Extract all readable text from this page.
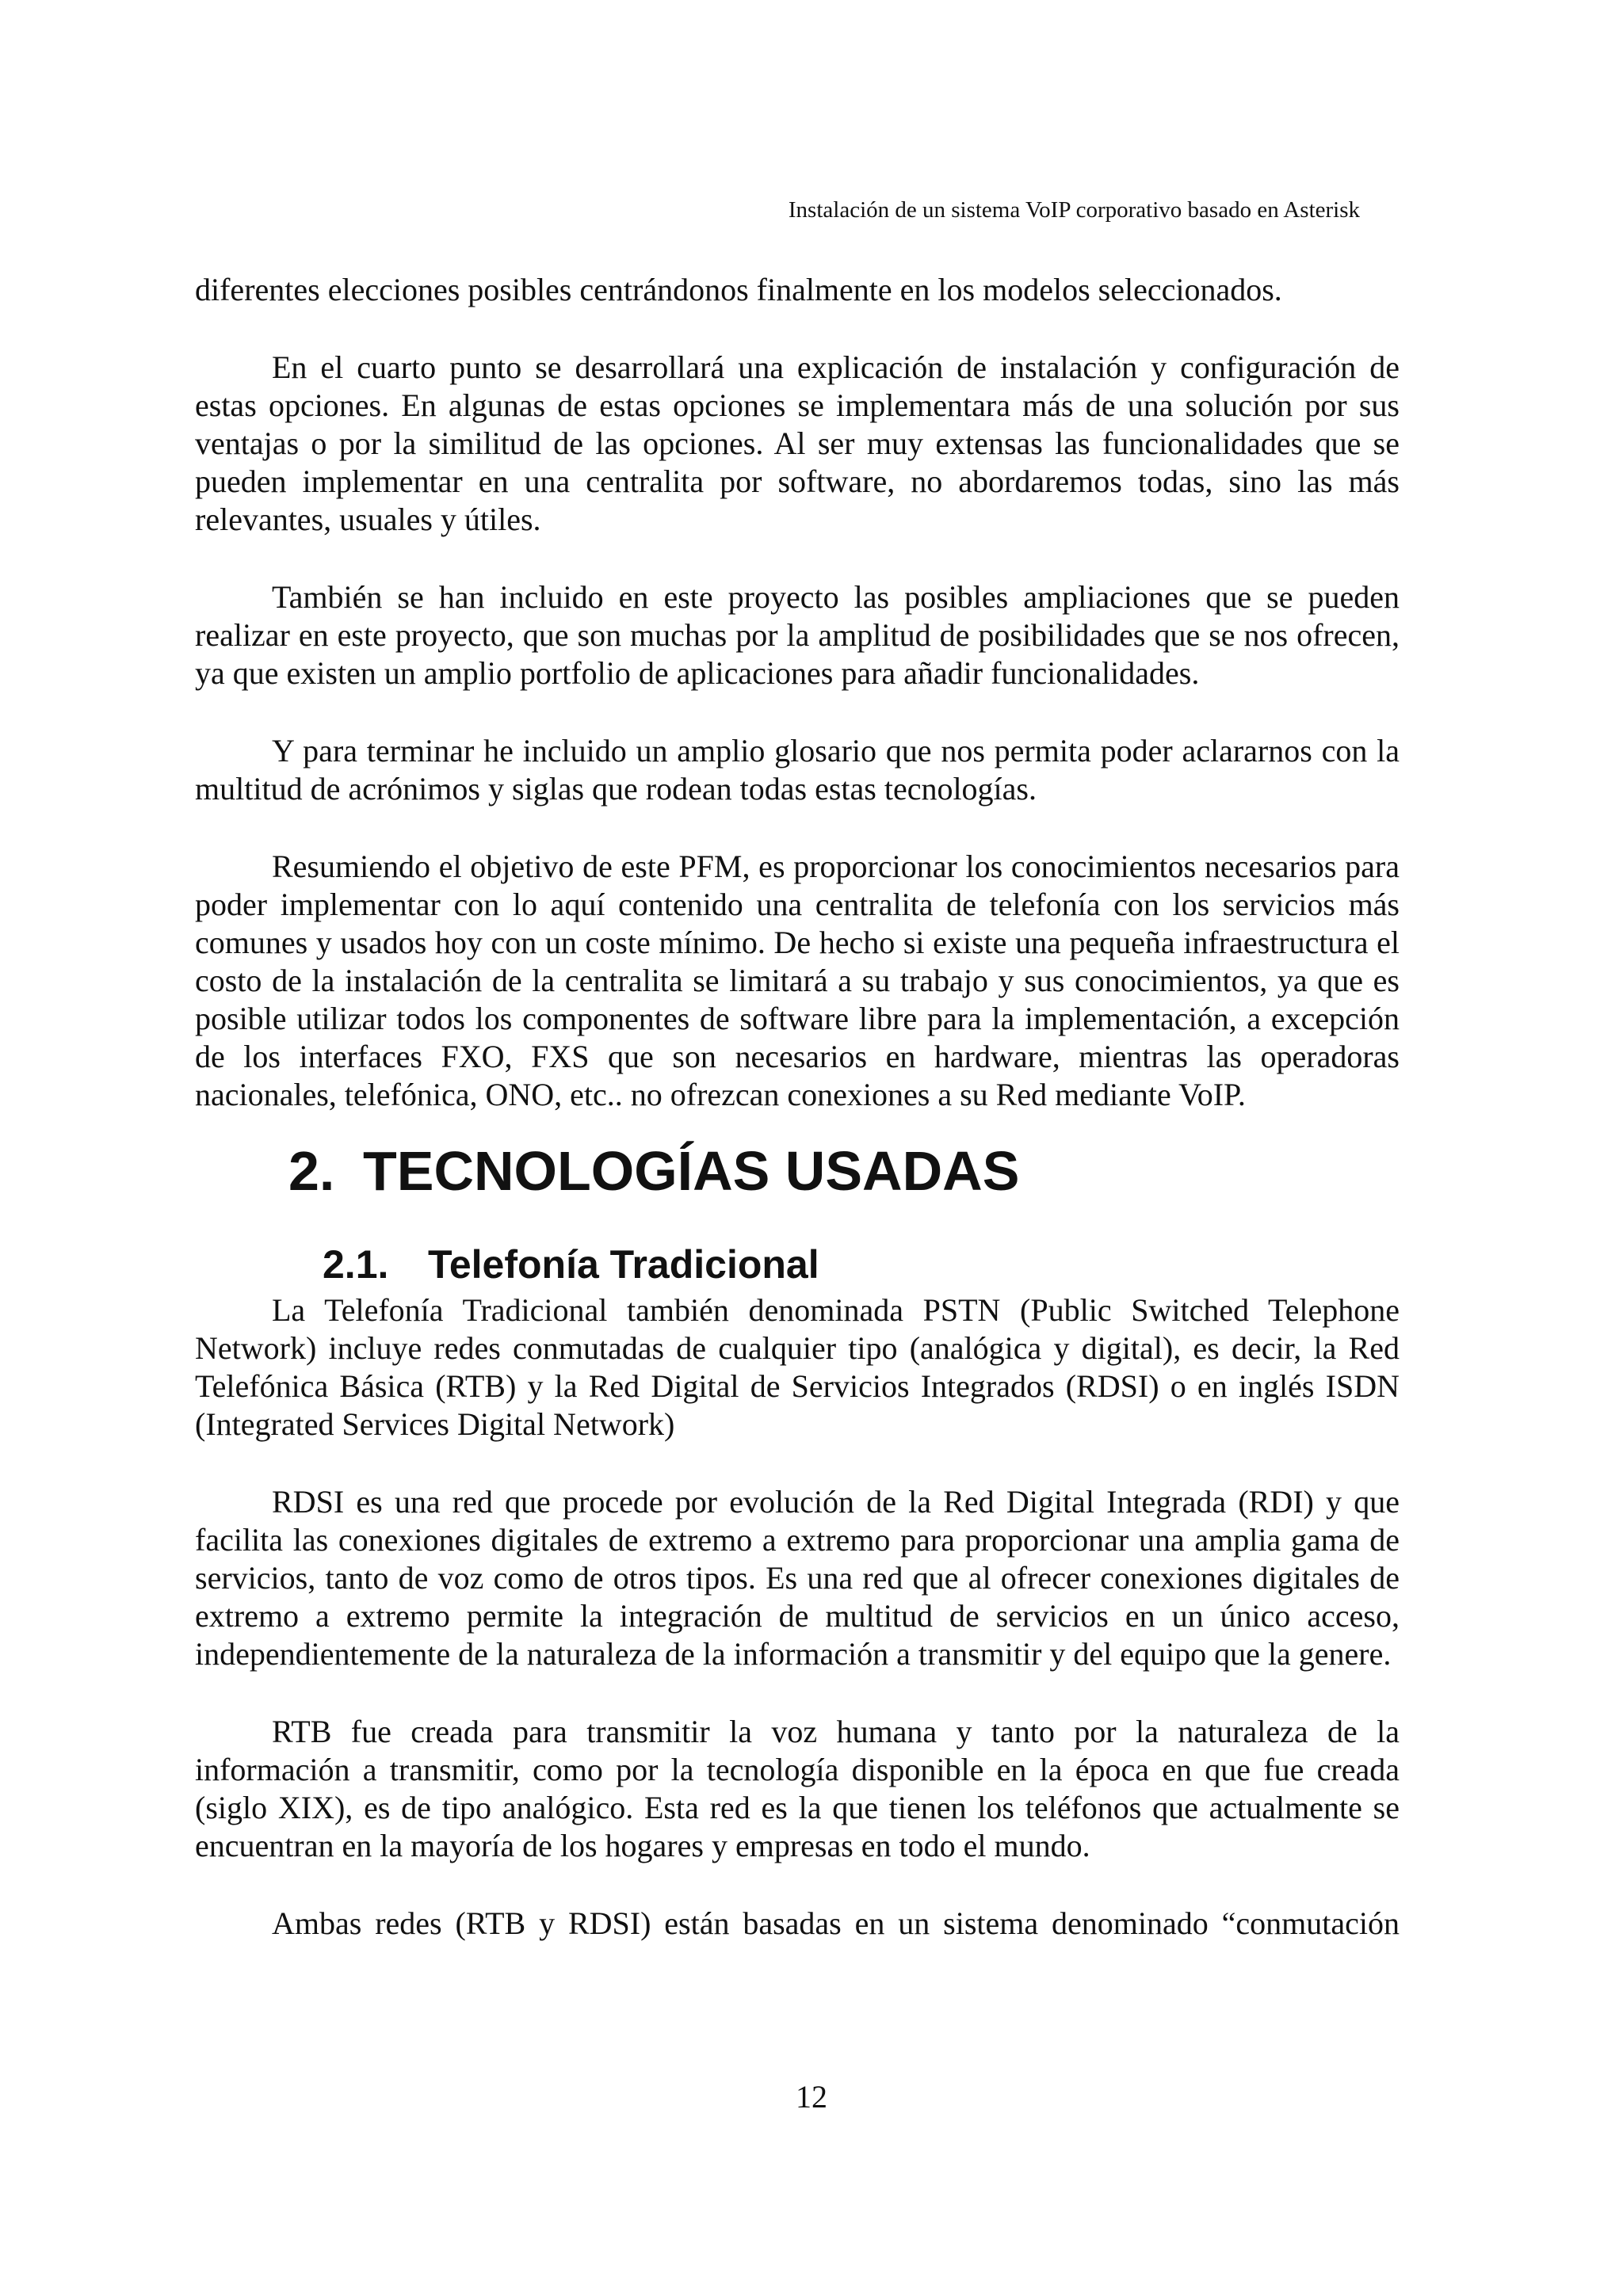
Instalación de un sistema VoIP corporativo basado en Asterisk

diferentes elecciones posibles centrándonos finalmente en los modelos seleccionados.

En el cuarto punto se desarrollará una explicación de instalación y configuración de estas opciones. En algunas de estas opciones se implementara más de una solución por sus ventajas o por la similitud de las opciones. Al ser muy extensas las funcionalidades que se pueden implementar en una centralita por software, no abordaremos todas, sino las más relevantes, usuales y útiles.

También se han incluido en este proyecto las posibles ampliaciones que se pueden realizar en este proyecto, que son muchas por la amplitud de posibilidades que se nos ofrecen, ya que existen un amplio portfolio de aplicaciones para añadir funcionalidades.

Y para terminar he incluido un amplio glosario que nos permita poder aclararnos con la multitud de acrónimos y siglas que rodean todas estas tecnologías.

Resumiendo el objetivo de este PFM, es proporcionar los conocimientos necesarios para poder implementar con lo aquí contenido una centralita de telefonía con los servicios más comunes y usados hoy con un coste mínimo. De hecho si existe una pequeña infraestructura el costo de la instalación de la centralita se limitará a su trabajo y sus conocimientos, ya que es posible utilizar todos los componentes de software libre para la implementación, a excepción de los interfaces FXO, FXS que son necesarios en hardware, mientras las operadoras nacionales, telefónica, ONO, etc.. no ofrezcan conexiones a su Red mediante VoIP.

2. TECNOLOGÍAS USADAS
2.1. Telefonía Tradicional

La Telefonía Tradicional también denominada PSTN (Public Switched Telephone Network) incluye redes conmutadas de cualquier tipo (analógica y digital), es decir, la Red Telefónica Básica (RTB) y la Red Digital de Servicios Integrados (RDSI) o en inglés ISDN (Integrated Services Digital Network)

RDSI es una red que procede por evolución de la Red Digital Integrada (RDI) y que facilita las conexiones digitales de extremo a extremo para proporcionar una amplia gama de servicios, tanto de voz como de otros tipos. Es una red que al ofrecer conexiones digitales de extremo a extremo permite la integración de multitud de servicios en un único acceso, independientemente de la naturaleza de la información a transmitir y del equipo que la genere.

RTB fue creada para transmitir la voz humana y tanto por la naturaleza de la información a transmitir, como por la tecnología disponible en la época en que fue creada (siglo XIX), es de tipo analógico. Esta red es la que tienen los teléfonos que actualmente se encuentran en la mayoría de los hogares y empresas en todo el mundo.

Ambas redes (RTB y RDSI) están basadas en un sistema denominado “conmutación

12
